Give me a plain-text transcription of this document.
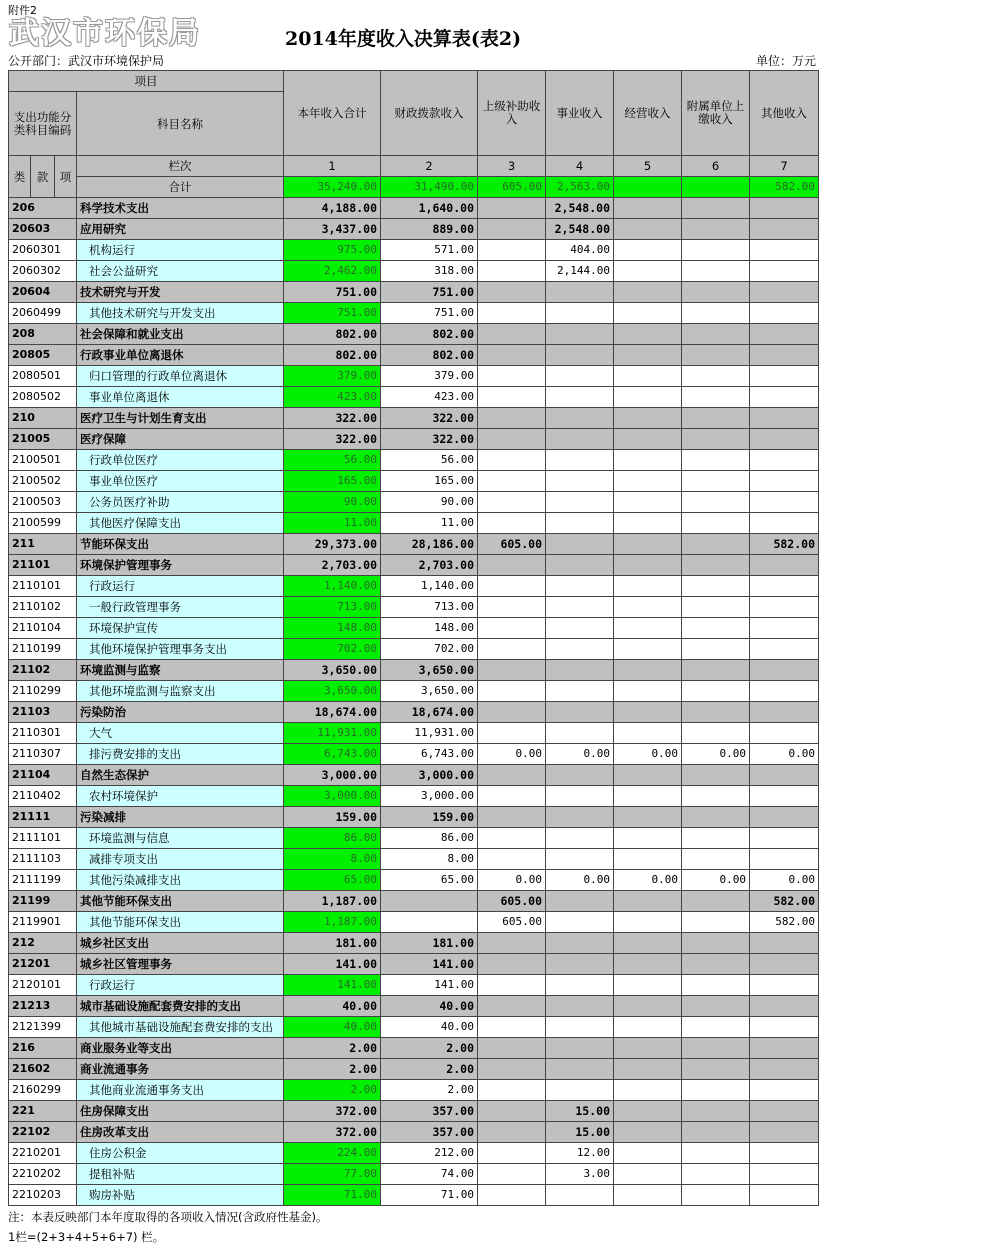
附件2
武汉市环保局	2014年度收入决算表(表2)
公开部门：武汉市环境保护局	单位：万元
项目				本年收入合计	财政拨款收入	上级补助收入	事业收入	经营收入	附属单位上缴收入	其他收入
支出功能分类科目编码			科目名称							

类	款	项	栏次	1	2	3	4	5	6	7
			合计	35,240.00	31,490.00	605.00	2,563.00			582.00
206			科学技术支出	4,188.00	1,640.00		2,548.00			
20603			应用研究	3,437.00	889.00		2,548.00			
2060301			机构运行	975.00	571.00		404.00			
2060302			社会公益研究	2,462.00	318.00		2,144.00			
20604			技术研究与开发	751.00	751.00					
2060499			其他技术研究与开发支出	751.00	751.00					
208			社会保障和就业支出	802.00	802.00					
20805			行政事业单位离退休	802.00	802.00					
2080501			归口管理的行政单位离退休	379.00	379.00					
2080502			事业单位离退休	423.00	423.00					
210			医疗卫生与计划生育支出	322.00	322.00					
21005			医疗保障	322.00	322.00					
2100501			行政单位医疗	56.00	56.00					
2100502			事业单位医疗	165.00	165.00					
2100503			公务员医疗补助	90.00	90.00					
2100599			其他医疗保障支出	11.00	11.00					
211			节能环保支出	29,373.00	28,186.00	605.00				582.00
21101			环境保护管理事务	2,703.00	2,703.00					
2110101			行政运行	1,140.00	1,140.00					
2110102			一般行政管理事务	713.00	713.00					
2110104			环境保护宣传	148.00	148.00					
2110199			其他环境保护管理事务支出	702.00	702.00					
21102			环境监测与监察	3,650.00	3,650.00					
2110299			其他环境监测与监察支出	3,650.00	3,650.00					
21103			污染防治	18,674.00	18,674.00					
2110301			大气	11,931.00	11,931.00					
2110307			排污费安排的支出	6,743.00	6,743.00	0.00	0.00	0.00	0.00	0.00
21104			自然生态保护	3,000.00	3,000.00					
2110402			农村环境保护	3,000.00	3,000.00					
21111			污染减排	159.00	159.00					
2111101			环境监测与信息	86.00	86.00					
2111103			减排专项支出	8.00	8.00					
2111199			其他污染减排支出	65.00	65.00	0.00	0.00	0.00	0.00	0.00
21199			其他节能环保支出	1,187.00		605.00				582.00
2119901			其他节能环保支出	1,187.00		605.00				582.00
212			城乡社区支出	181.00	181.00					
21201			城乡社区管理事务	141.00	141.00					
2120101			行政运行	141.00	141.00					
21213			城市基础设施配套费安排的支出	40.00	40.00					
2121399			其他城市基础设施配套费安排的支出	40.00	40.00					
216			商业服务业等支出	2.00	2.00					
21602			商业流通事务	2.00	2.00					
2160299			其他商业流通事务支出	2.00	2.00					
221			住房保障支出	372.00	357.00		15.00			
22102			住房改革支出	372.00	357.00		15.00			
2210201			住房公积金	224.00	212.00		12.00			
2210202			提租补贴	77.00	74.00		3.00			
2210203			购房补贴	71.00	71.00					
注：本表反映部门本年度取得的各项收入情况(含政府性基金)。
1栏=(2+3+4+5+6+7) 栏。
